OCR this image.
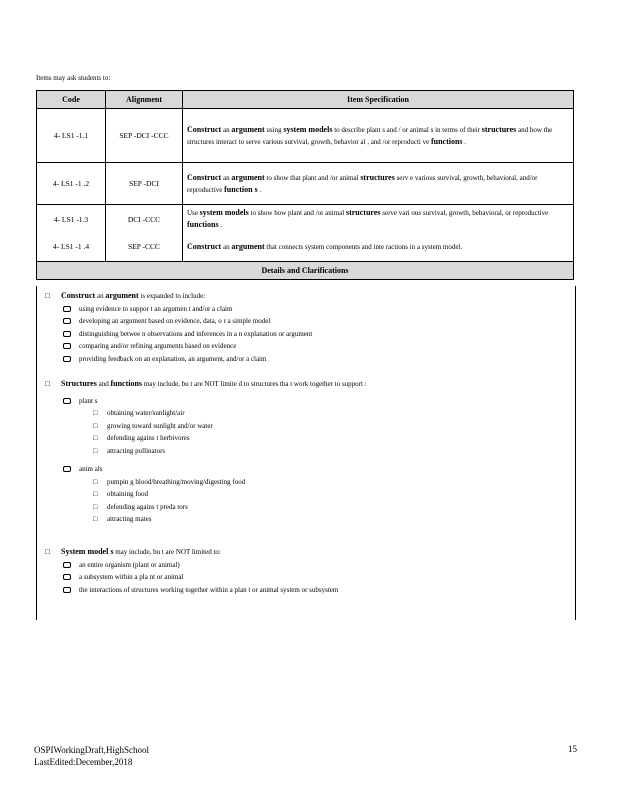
Items may ask students to:
Code	Alignment	Item Specification
4- LS1 -1.1	SEP -DCI -CCC	Construct an argument using system models to describe plant s and / or animal s in terms of their structures and how the structures interact to serve various survival, growth, behavior al , and /or reproducti ve functions .
4- LS1 -1 .2	SEP -DCI	Construct an argument to show that plant and /or animal structures serv e various survival, growth, behavioral, and/or reproductive function s .
4- LS1 -1.3	DCI -CCC	Use system models to show how plant and /or animal structures serve vari ous survival, growth, behavioral, or reproductive functions .
4- LS1 -1 .4	SEP -CCC	Construct an argument that connects system components and inte ractions in a system model.
Details and Clarifications		
□ Construct an argument is expanded to include:
using evidence to suppor t an argumen t and/or a claim
developing an argument based on evidence, data, o r a simple model
distinguishing betwee n observations and inferences in a n explanation or argument
comparing and/or refining arguments based on evidence
providing feedback on an explanation, an argument, and/or a claim
□ Structures and functions may include, bu t are NOT limite d to structures tha t work together to support :
plant s
□ obtaining water/sunlight/air
□ growing toward sunlight and/or water
□ defending agains t herbivores
□ attracting pollinators
anim als
□ pumpin g blood/breathing/moving/digesting food
□ obtaining food
□ defending agains t preda tors
□ attracting mates
□ System model s may include, bu t are NOT limited to:
an entire organism (plant or animal)
a subsystem within a pla nt or animal
the interactions of structures working together within a plan t or animal system or subsystem
OSPIWorkingDraft,HighSchool
LastEdited:December,2018
15
